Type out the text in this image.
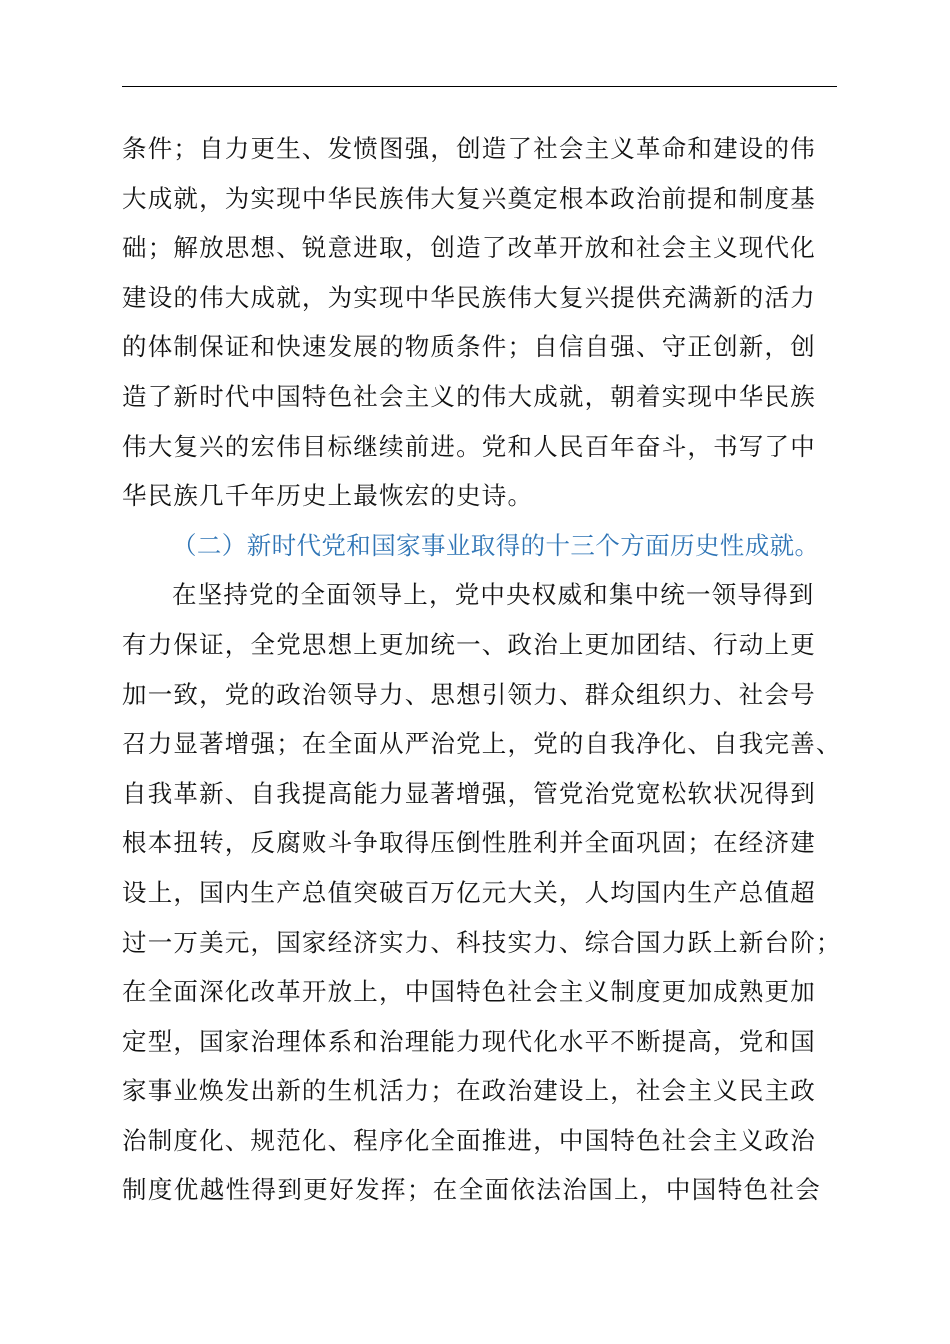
条件；自力更生、发愤图强，创造了社会主义革命和建设的伟
大成就，为实现中华民族伟大复兴奠定根本政治前提和制度基
础；解放思想、锐意进取，创造了改革开放和社会主义现代化
建设的伟大成就，为实现中华民族伟大复兴提供充满新的活力
的体制保证和快速发展的物质条件；自信自强、守正创新，创
造了新时代中国特色社会主义的伟大成就，朝着实现中华民族
伟大复兴的宏伟目标继续前进。党和人民百年奋斗，书写了中
华民族几千年历史上最恢宏的史诗。
（二）新时代党和国家事业取得的十三个方面历史性成就。
在坚持党的全面领导上，党中央权威和集中统一领导得到
有力保证，全党思想上更加统一、政治上更加团结、行动上更
加一致，党的政治领导力、思想引领力、群众组织力、社会号
召力显著增强；在全面从严治党上，党的自我净化、自我完善、
自我革新、自我提高能力显著增强，管党治党宽松软状况得到
根本扭转，反腐败斗争取得压倒性胜利并全面巩固；在经济建
设上，国内生产总值突破百万亿元大关，人均国内生产总值超
过一万美元，国家经济实力、科技实力、综合国力跃上新台阶；
在全面深化改革开放上，中国特色社会主义制度更加成熟更加
定型，国家治理体系和治理能力现代化水平不断提高，党和国
家事业焕发出新的生机活力；在政治建设上，社会主义民主政
治制度化、规范化、程序化全面推进，中国特色社会主义政治
制度优越性得到更好发挥；在全面依法治国上，中国特色社会
